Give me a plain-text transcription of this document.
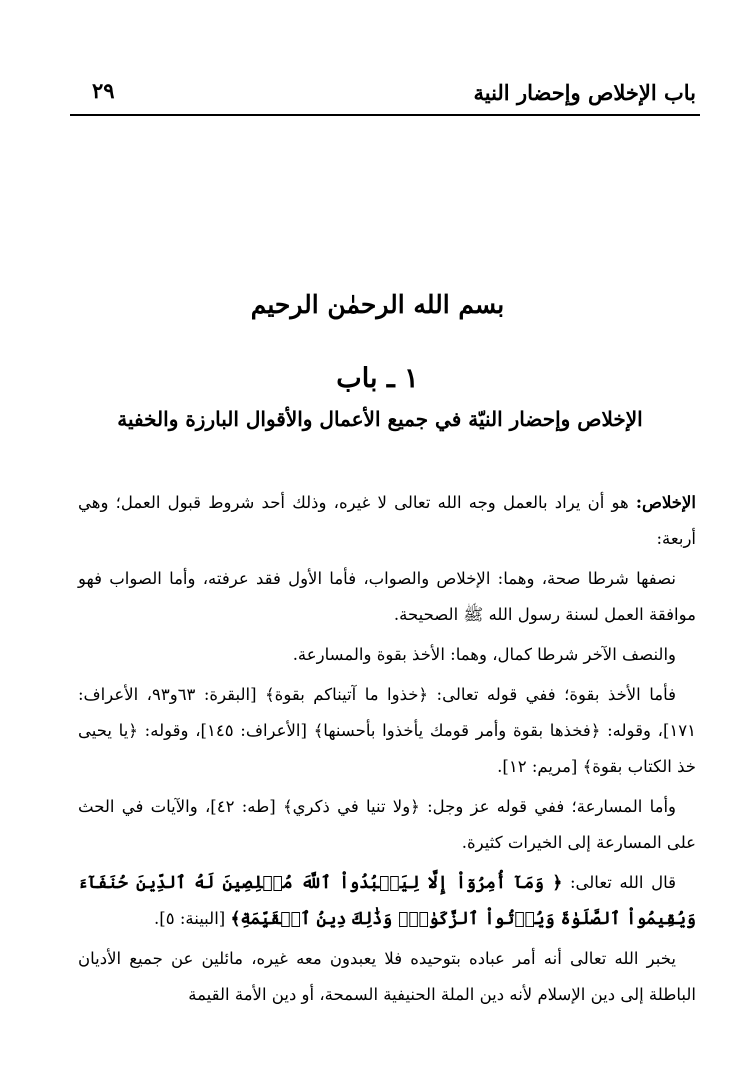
باب الإخلاص وإحضار النية
٢٩
بسم الله الرحمٰن الرحيم
١ ـ باب
الإخلاص وإحضار النيّة في جميع الأعمال والأقوال البارزة والخفية

الإخلاص: هو أن يراد بالعمل وجه الله تعالى لا غيره، وذلك أحد شروط قبول العمل؛ وهي أربعة:

نصفها شرطا صحة، وهما: الإخلاص والصواب، فأما الأول فقد عرفته، وأما الصواب فهو موافقة العمل لسنة رسول الله ﷺ الصحيحة.

والنصف الآخر شرطا كمال، وهما: الأخذ بقوة والمسارعة.

فأما الأخذ بقوة؛ ففي قوله تعالى: ﴿خذوا ما آتيناكم بقوة﴾ [البقرة: ٦٣و٩٣، الأعراف: ١٧١]، وقوله: ﴿فخذها بقوة وأمر قومك يأخذوا بأحسنها﴾ [الأعراف: ١٤٥]، وقوله: ﴿يا يحيى خذ الكتاب بقوة﴾ [مريم: ١٢].

وأما المسارعة؛ ففي قوله عز وجل: ﴿ولا تنيا في ذكري﴾ [طه: ٤٢]، والآيات في الحث على المسارعة إلى الخيرات كثيرة.

قال الله تعالى: ﴿ وَمَآ أُمِرُوٓاْ إِلَّا لِيَعۡبُدُواْ ٱللَّهَ مُخۡلِصِينَ لَهُ ٱلدِّينَ حُنَفَآءَ وَيُقِيمُواْ ٱلصَّلَوٰةَ وَيُؤۡتُواْ ٱلزَّكَوٰةَۚ وَذَٰلِكَ دِينُ ٱلۡقَيِّمَةِ﴾ [البينة: ٥].

يخبر الله تعالى أنه أمر عباده بتوحيده فلا يعبدون معه غيره، مائلين عن جميع الأديان الباطلة إلى دين الإسلام لأنه دين الملة الحنيفية السمحة، أو دين الأمة القيمة
